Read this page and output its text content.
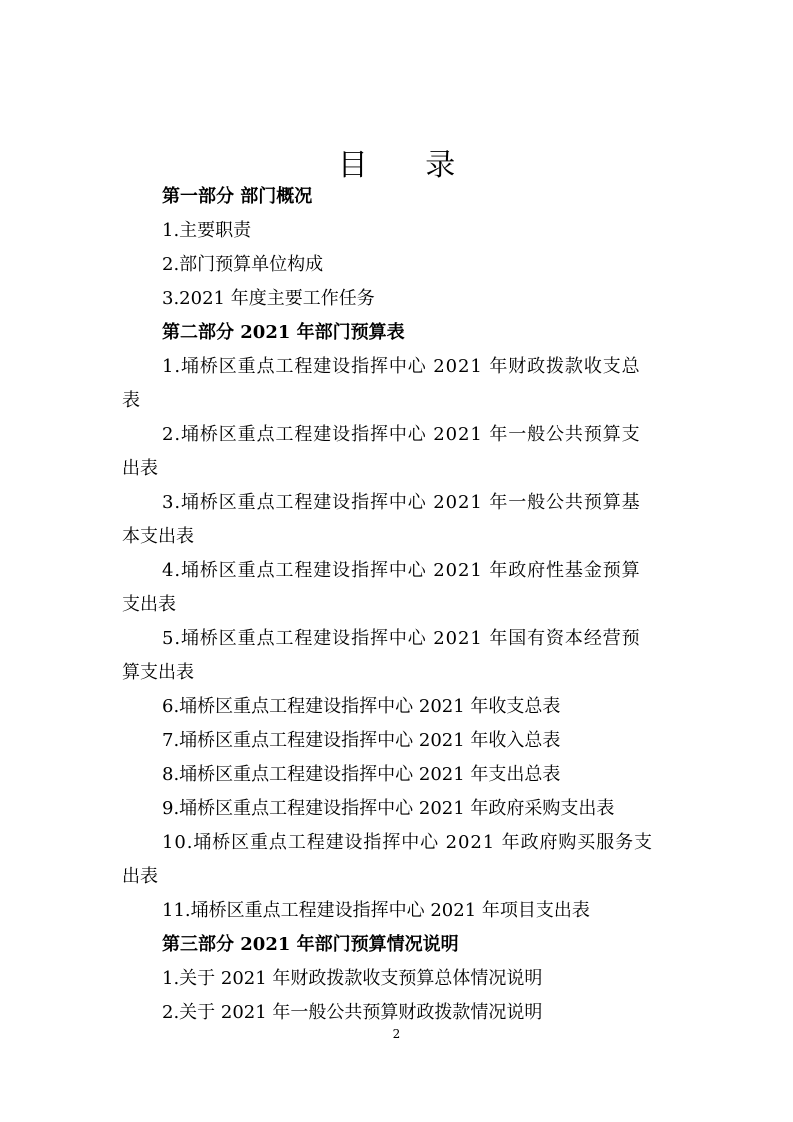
目 录
第一部分 部门概况
1.主要职责
2.部门预算单位构成
3.2021 年度主要工作任务
第二部分 2021 年部门预算表
1.埇桥区重点工程建设指挥中心 2021 年财政拨款收支总
表
2.埇桥区重点工程建设指挥中心 2021 年一般公共预算支
出表
3.埇桥区重点工程建设指挥中心 2021 年一般公共预算基
本支出表
4.埇桥区重点工程建设指挥中心 2021 年政府性基金预算
支出表
5.埇桥区重点工程建设指挥中心 2021 年国有资本经营预
算支出表
6.埇桥区重点工程建设指挥中心 2021 年收支总表
7.埇桥区重点工程建设指挥中心 2021 年收入总表
8.埇桥区重点工程建设指挥中心 2021 年支出总表
9.埇桥区重点工程建设指挥中心 2021 年政府采购支出表
10.埇桥区重点工程建设指挥中心 2021 年政府购买服务支
出表
11.埇桥区重点工程建设指挥中心 2021 年项目支出表
第三部分 2021 年部门预算情况说明
1.关于 2021 年财政拨款收支预算总体情况说明
2.关于 2021 年一般公共预算财政拨款情况说明
2
